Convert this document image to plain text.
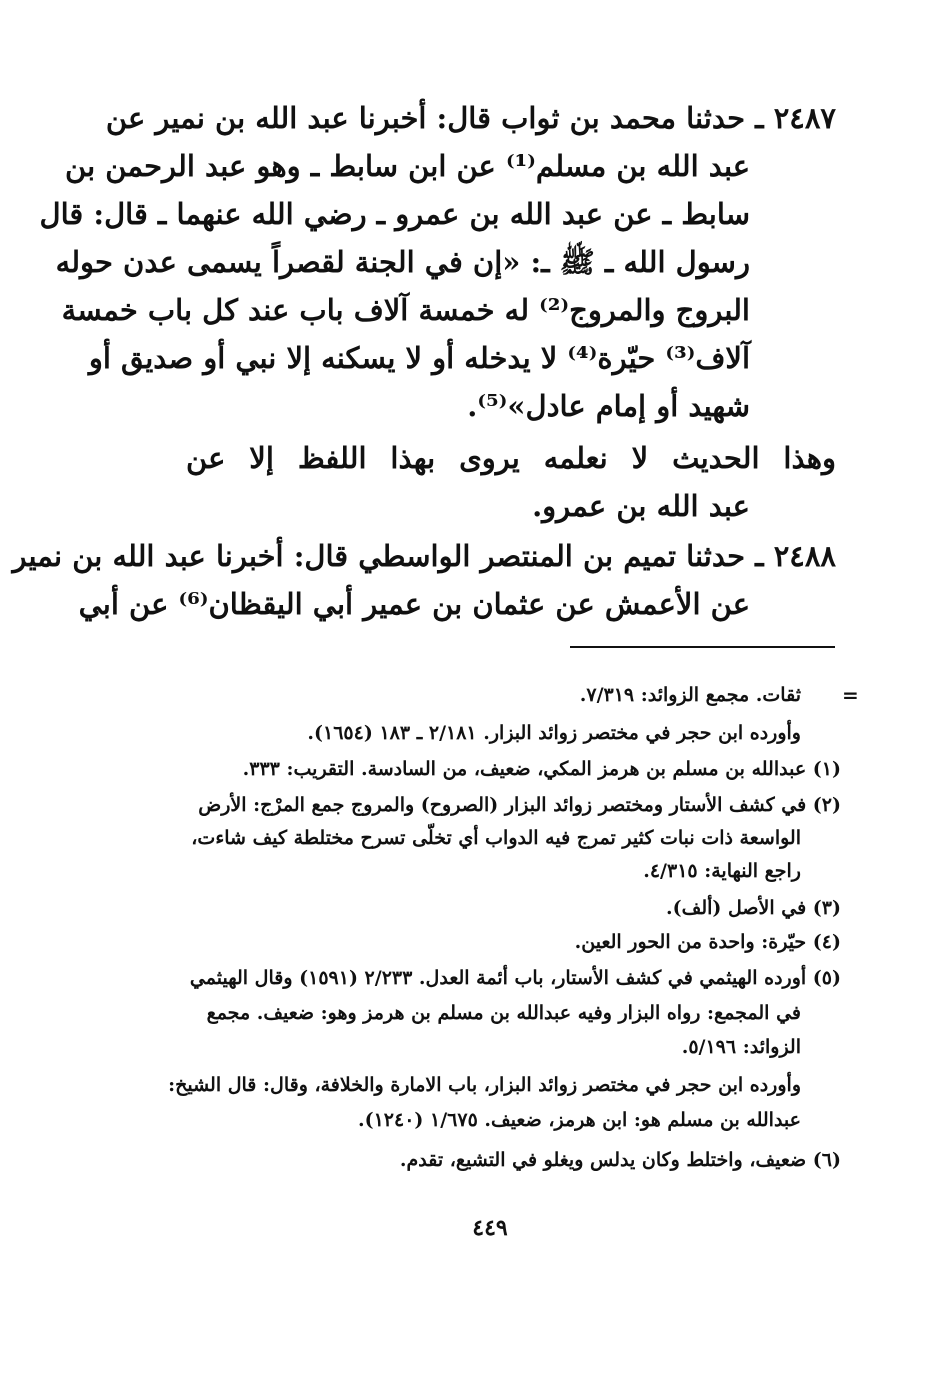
٢٤٨٧ ـ حدثنا محمد بن ثواب قال: أخبرنا عبد الله بن نمير عن
عبد الله بن مسلم⁽¹⁾ عن ابن سابط ـ وهو عبد الرحمن بن
سابط ـ عن عبد الله بن عمرو ـ رضي الله عنهما ـ قال: قال
رسول الله ـ ﷺ ـ: «إن في الجنة لقصراً يسمى عدن حوله
البروج والمروج⁽²⁾ له خمسة آلاف باب عند كل باب خمسة
آلاف⁽³⁾ حيّرة⁽⁴⁾ لا يدخله أو لا يسكنه إلا نبي أو صديق أو
شهيد أو إمام عادل»⁽⁵⁾.
وهذا الحديث لا نعلمه يروى بهذا اللفظ إلا عن
عبد الله بن عمرو.
٢٤٨٨ ـ حدثنا تميم بن المنتصر الواسطي قال: أخبرنا عبد الله بن نمير
عن الأعمش عن عثمان بن عمير أبي اليقظان⁽⁶⁾ عن أبي
=
ثقات. مجمع الزوائد: ٧/٣١٩.
وأورده ابن حجر في مختصر زوائد البزار. ٢/١٨١ ـ ١٨٣ (١٦٥٤).
(١) عبدالله بن مسلم بن هرمز المكي، ضعيف، من السادسة. التقريب: ٣٣٣.
(٢) في كشف الأستار ومختصر زوائد البزار (الصروح) والمروج جمع المرْج: الأرض
الواسعة ذات نبات كثير تمرج فيه الدواب أي تخلّى تسرح مختلطة كيف شاءت،
راجع النهاية: ٤/٣١٥.
(٣) في الأصل (ألف).
(٤) حيّرة: واحدة من الحور العين.
(٥) أورده الهيثمي في كشف الأستار، باب أئمة العدل. ٢/٢٣٣ (١٥٩١) وقال الهيثمي
في المجمع: رواه البزار وفيه عبدالله بن مسلم بن هرمز وهو: ضعيف. مجمع
الزوائد: ٥/١٩٦.
وأورده ابن حجر في مختصر زوائد البزار، باب الامارة والخلافة، وقال: قال الشيخ:
عبدالله بن مسلم هو: ابن هرمز، ضعيف. ١/٦٧٥ (١٢٤٠).
(٦) ضعيف، واختلط وكان يدلس ويغلو في التشيع، تقدم.
٤٤٩
